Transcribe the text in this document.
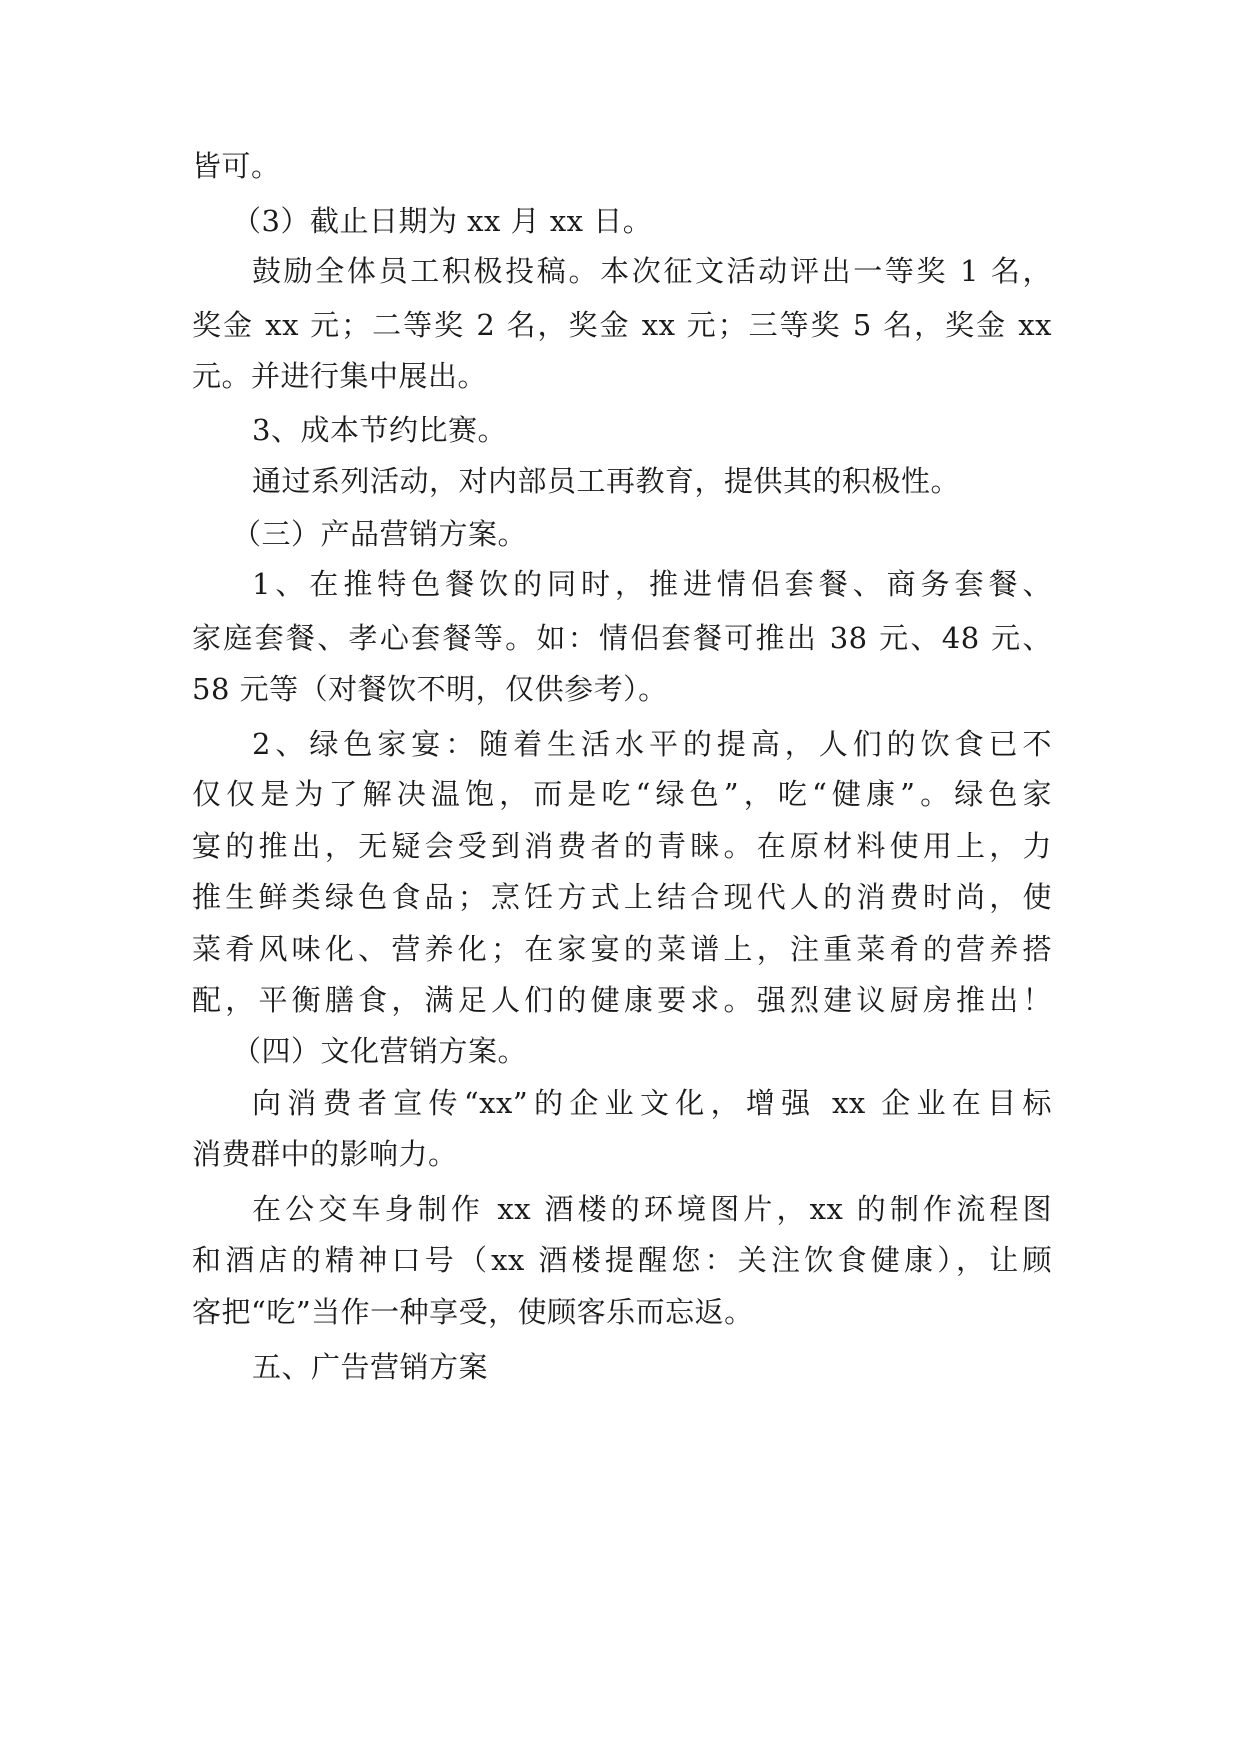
皆可。
（3）截止日期为 xx 月 xx 日。
鼓励全体员工积极投稿。本次征文活动评出一等奖 1 名，
奖金 xx 元；二等奖 2 名，奖金 xx 元；三等奖 5 名，奖金 xx
元。并进行集中展出。
3、成本节约比赛。
通过系列活动，对内部员工再教育，提供其的积极性。
（三）产品营销方案。
1、在推特色餐饮的同时，推进情侣套餐、商务套餐、
家庭套餐、孝心套餐等。如：情侣套餐可推出 38 元、48 元、
58 元等（对餐饮不明，仅供参考）。
2、绿色家宴：随着生活水平的提高，人们的饮食已不
仅仅是为了解决温饱，而是吃“绿色”，吃“健康”。绿色家
宴的推出，无疑会受到消费者的青睐。在原材料使用上，力
推生鲜类绿色食品；烹饪方式上结合现代人的消费时尚，使
菜肴风味化、营养化；在家宴的菜谱上，注重菜肴的营养搭
配，平衡膳食，满足人们的健康要求。强烈建议厨房推出！
（四）文化营销方案。
向消费者宣传“xx”的企业文化，增强 xx 企业在目标
消费群中的影响力。
在公交车身制作 xx 酒楼的环境图片，xx 的制作流程图
和酒店的精神口号（xx 酒楼提醒您：关注饮食健康），让顾
客把“吃”当作一种享受，使顾客乐而忘返。
五、广告营销方案
